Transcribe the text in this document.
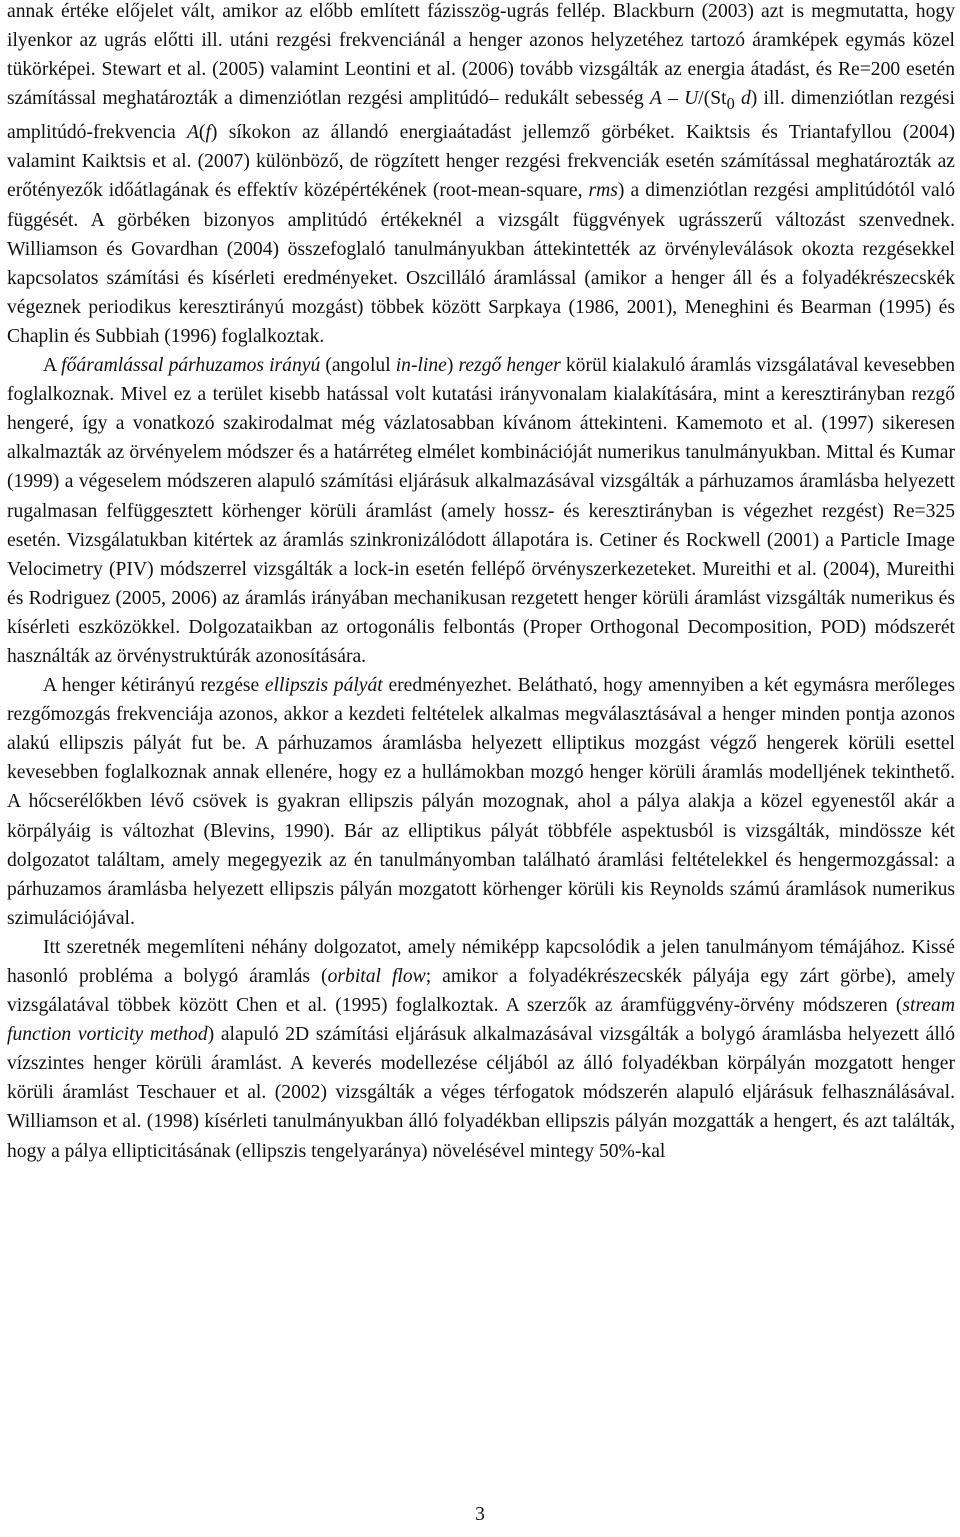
annak értéke előjelet vált, amikor az előbb említett fázisszög-ugrás fellép. Blackburn (2003) azt is megmutatta, hogy ilyenkor az ugrás előtti ill. utáni rezgési frekvenciánál a henger azonos helyzetéhez tartozó áramképek egymás közel tükörképei. Stewart et al. (2005) valamint Leontini et al. (2006) tovább vizsgálták az energia átadást, és Re=200 esetén számítással meghatározták a dimenziótlan rezgési amplitúdó– redukált sebesség A – $U/(St_0$ d) ill. dimenziótlan rezgési amplitúdó-frekvencia A(f) síkokon az állandó energiaátadást jellemző görbéket. Kaiktsis és Triantafyllou (2004) valamint Kaiktsis et al. (2007) különböző, de rögzített henger rezgési frekvenciák esetén számítással meghatározták az erőtényezők időátlagának és effektív középértékének (root-mean-square, rms) a dimenziótlan rezgési amplitúdótól való függését. A görbéken bizonyos amplitúdó értékeknél a vizsgált függvények ugrásszerű változást szenvednek. Williamson és Govardhan (2004) összefoglaló tanulmányukban áttekintették az örvényleválások okozta rezgésekkel kapcsolatos számítási és kísérleti eredményeket. Oszcilláló áramlással (amikor a henger áll és a folyadékrészecskék végeznek periodikus keresztirányú mozgást) többek között Sarpkaya (1986, 2001), Meneghini és Bearman (1995) és Chaplin és Subbiah (1996) foglalkoztak.

A főáramlással párhuzamos irányú (angolul in-line) rezgő henger körül kialakuló áramlás vizsgálatával kevesebben foglalkoznak. Mivel ez a terület kisebb hatással volt kutatási irányvonalam kialakítására, mint a keresztirányban rezgő hengeré, így a vonatkozó szakirodalmat még vázlatosabban kívánom áttekinteni. Kamemoto et al. (1997) sikeresen alkalmazták az örvényelem módszer és a határréteg elmélet kombinációját numerikus tanulmányukban. Mittal és Kumar (1999) a végeselem módszeren alapuló számítási eljárásuk alkalmazásával vizsgálták a párhuzamos áramlásba helyezett rugalmasan felfüggesztett körhenger körüli áramlást (amely hossz- és keresztirányban is végezhet rezgést) Re=325 esetén. Vizsgálatukban kitértek az áramlás szinkronizálódott állapotára is. Cetiner és Rockwell (2001) a Particle Image Velocimetry (PIV) módszerrel vizsgálták a lock-in esetén fellépő örvényszerkezeteket. Mureithi et al. (2004), Mureithi és Rodriguez (2005, 2006) az áramlás irányában mechanikusan rezgetett henger körüli áramlást vizsgálták numerikus és kísérleti eszközökkel. Dolgozataikban az ortogonális felbontás (Proper Orthogonal Decomposition, POD) módszerét használták az örvénystruktúrák azonosítására.

A henger kétirányú rezgése ellipszis pályát eredményezhet. Belátható, hogy amennyiben a két egymásra merőleges rezgőmozgás frekvenciája azonos, akkor a kezdeti feltételek alkalmas megválasztásával a henger minden pontja azonos alakú ellipszis pályát fut be. A párhuzamos áramlásba helyezett elliptikus mozgást végző hengerek körüli esettel kevesebben foglalkoznak annak ellenére, hogy ez a hullámokban mozgó henger körüli áramlás modelljének tekinthető. A hőcserélőkben lévő csövek is gyakran ellipszis pályán mozognak, ahol a pálya alakja a közel egyenestől akár a körpályáig is változhat (Blevins, 1990). Bár az elliptikus pályát többféle aspektusból is vizsgálták, mindössze két dolgozatot találtam, amely megegyezik az én tanulmányomban található áramlási feltételekkel és hengermozgással: a párhuzamos áramlásba helyezett ellipszis pályán mozgatott körhenger körüli kis Reynolds számú áramlások numerikus szimulációjával.

Itt szeretnék megemlíteni néhány dolgozatot, amely némiképp kapcsolódik a jelen tanulmányom témájához. Kissé hasonló probléma a bolygó áramlás (orbital flow; amikor a folyadékrészecskék pályája egy zárt görbe), amely vizsgálatával többek között Chen et al. (1995) foglalkoztak. A szerzők az áramfüggvény-örvény módszeren (stream function vorticity method) alapuló 2D számítási eljárásuk alkalmazásával vizsgálták a bolygó áramlásba helyezett álló vízszintes henger körüli áramlást. A keverés modellezése céljából az álló folyadékban körpályán mozgatott henger körüli áramlást Teschauer et al. (2002) vizsgálták a véges térfogatok módszerén alapuló eljárásuk felhasználásával. Williamson et al. (1998) kísérleti tanulmányukban álló folyadékban ellipszis pályán mozgatták a hengert, és azt találták, hogy a pálya ellipticitásának (ellipszis tengelyaránya) növelésével mintegy 50%-kal

3
